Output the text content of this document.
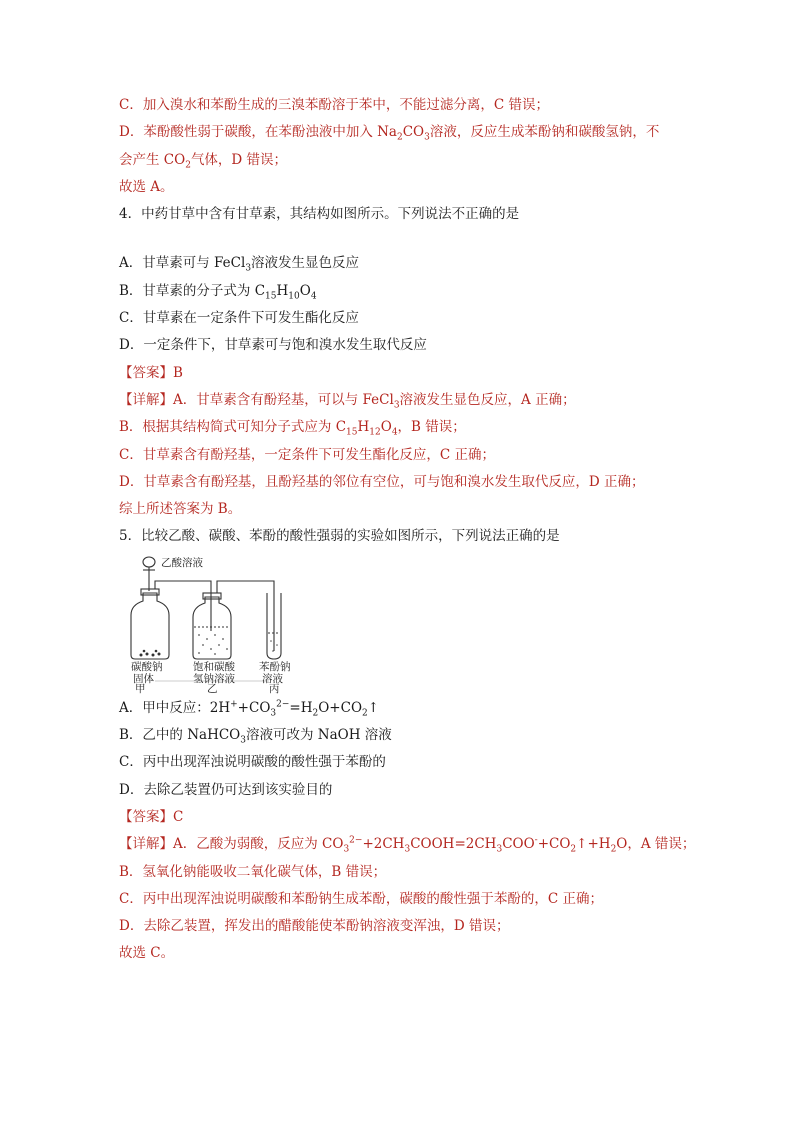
C．加入溴水和苯酚生成的三溴苯酚溶于苯中，不能过滤分离，C 错误；
D．苯酚酸性弱于碳酸，在苯酚浊液中加入 $Na_2CO_3$溶液，反应生成苯酚钠和碳酸氢钠，不
会产生 $CO_2$气体，D 错误；
故选 A。
4．中药甘草中含有甘草素，其结构如图所示。下列说法不正确的是
A．甘草素可与 FeCl$_3$溶液发生显色反应
B．甘草素的分子式为 $C_{15}H_{10}O_4$
C．甘草素在一定条件下可发生酯化反应
D．一定条件下，甘草素可与饱和溴水发生取代反应
【答案】B
【详解】A．甘草素含有酚羟基，可以与 FeCl$_3$溶液发生显色反应，A 正确；
B．根据其结构简式可知分子式应为 $C_{15}H_{12}O_4$，B 错误；
C．甘草素含有酚羟基，一定条件下可发生酯化反应，C 正确；
D．甘草素含有酚羟基，且酚羟基的邻位有空位，可与饱和溴水发生取代反应，D 正确；
综上所述答案为 B。
5．比较乙酸、碳酸、苯酚的酸性强弱的实验如图所示，下列说法正确的是
乙酸溶液
碳酸钠
固体
饱和碳酸
氢钠溶液
苯酚钠
溶液
甲	乙	丙
A．甲中反应：$2H^++CO_3^{2-}=H_2O+CO_2↑$
B．乙中的 NaHCO$_3$溶液可改为 NaOH 溶液
C．丙中出现浑浊说明碳酸的酸性强于苯酚的
D．去除乙装置仍可达到该实验目的
【答案】C
【详解】A．乙酸为弱酸，反应为 $CO_3^{2-}+2CH_3COOH=2CH_3COO^-+CO_2↑+H_2O$，A 错误；
B．氢氧化钠能吸收二氧化碳气体，B 错误；
C．丙中出现浑浊说明碳酸和苯酚钠生成苯酚，碳酸的酸性强于苯酚的，C 正确；
D．去除乙装置，挥发出的醋酸能使苯酚钠溶液变浑浊，D 错误；
故选 C。
